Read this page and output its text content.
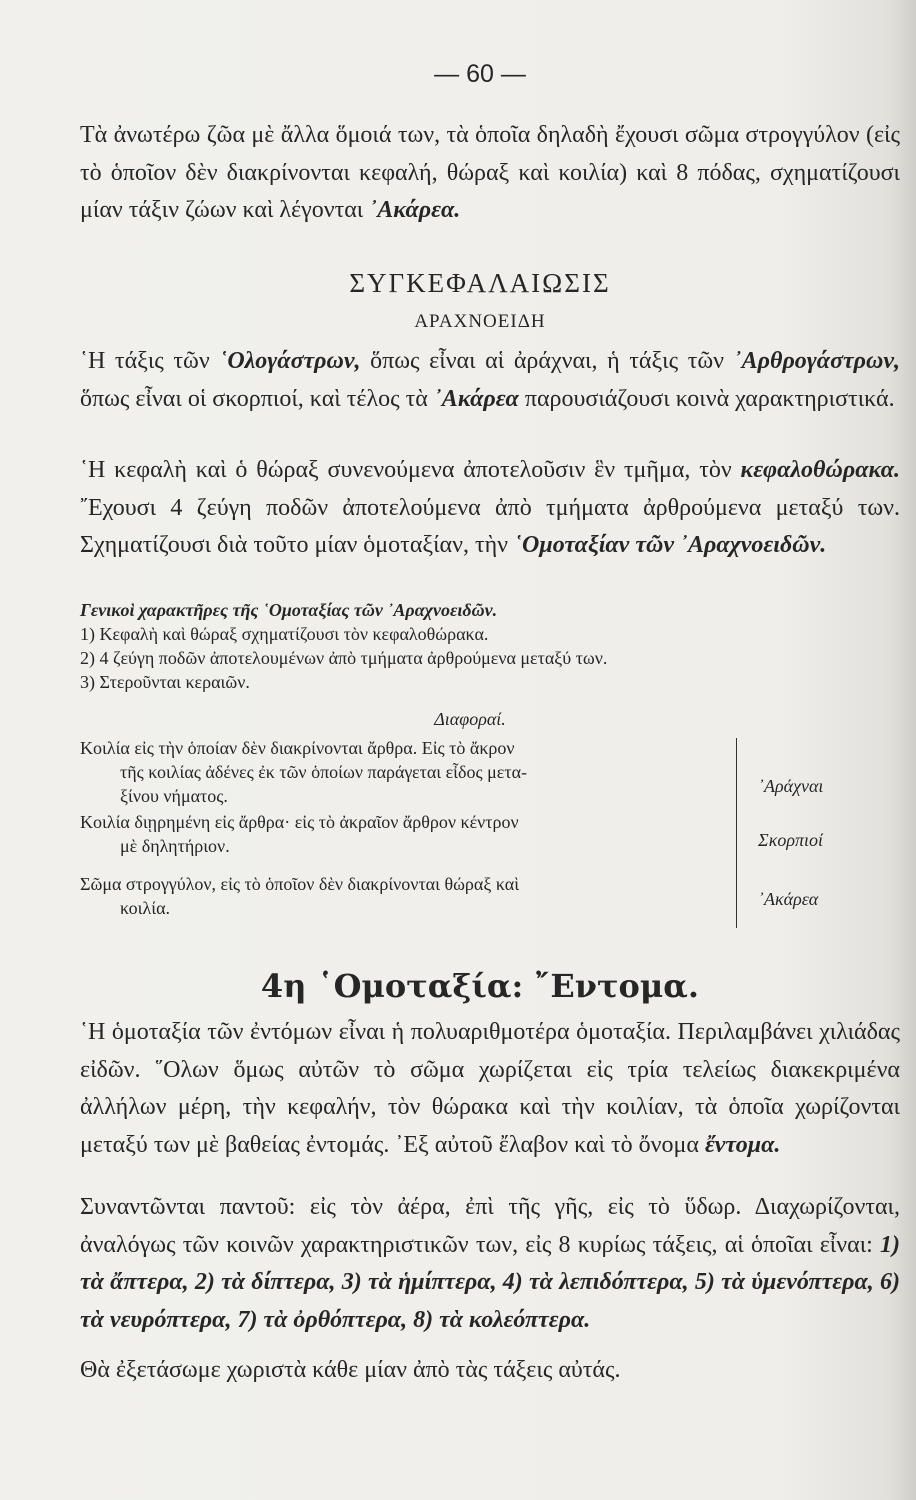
— 60 —

Τὰ ἀνωτέρω ζῶα μὲ ἄλλα ὅμοιά των, τὰ ὁποῖα δηλαδὴ ἔχουσι σῶμα στρογγύλον (εἰς τὸ ὁποῖον δὲν διακρίνονται κεφαλή, θώραξ καὶ κοιλία) καὶ 8 πόδας, σχηματίζουσι μίαν τάξιν ζώων καὶ λέγονται ᾿Ακάρεα.

ΣΥΓΚΕΦΑΛΑΙΩΣΙΣ

ΑΡΑΧΝΟΕΙΔΗ

῾Η τάξις τῶν ῾Ολογάστρων, ὅπως εἶναι αἱ ἀράχναι, ἡ τάξις τῶν ᾿Αρθρογάστρων, ὅπως εἶναι οἱ σκορπιοί, καὶ τέλος τὰ ᾿Ακάρεα παρουσιάζουσι κοινὰ χαρακτηριστικά.

῾Η κεφαλὴ καὶ ὁ θώραξ συνενούμενα ἀποτελοῦσιν ἓν τμῆμα, τὸν κεφαλοθώρακα. ῎Εχουσι 4 ζεύγη ποδῶν ἀποτελούμενα ἀπὸ τμήματα ἀρθρούμενα μεταξύ των. Σχηματίζουσι διὰ τοῦτο μίαν ὁμοταξίαν, τὴν ῾Ομοταξίαν τῶν ᾿Αραχνοειδῶν.

Γενικοὶ χαρακτῆρες τῆς ῾Ομοταξίας τῶν ᾿Αραχνοειδῶν.
1) Κεφαλὴ καὶ θώραξ σχηματίζουσι τὸν κεφαλοθώρακα.
2) 4 ζεύγη ποδῶν ἀποτελουμένων ἀπὸ τμήματα ἀρθρούμενα μεταξύ των.
3) Στεροῦνται κεραιῶν.

Διαφοραί.

Κοιλία εἰς τὴν ὁποίαν δὲν διακρίνονται ἄρθρα. Εἰς τὸ ἄκρον
τῆς κοιλίας ἀδένες ἐκ τῶν ὁποίων παράγεται εἶδος μετα-
ξίνου νήματος.

Κοιλία διῃρημένη εἰς ἄρθρα· εἰς τὸ ἀκραῖον ἄρθρον κέντρον
μὲ δηλητήριον.

Σῶμα στρογγύλον, εἰς τὸ ὁποῖον δὲν διακρίνονται θώραξ καὶ
κοιλία.

᾿Αράχναι

Σκορπιοί

᾿Ακάρεα

4η ῾Ομοταξία: ῎Εντομα.

῾Η ὁμοταξία τῶν ἐντόμων εἶναι ἡ πολυαριθμοτέρα ὁμοταξία. Περιλαμβάνει χιλιάδας εἰδῶν. ῞Ολων ὅμως αὐτῶν τὸ σῶμα χωρίζεται εἰς τρία τελείως διακεκριμένα ἀλλήλων μέρη, τὴν κεφαλήν, τὸν θώρακα καὶ τὴν κοιλίαν, τὰ ὁποῖα χωρίζονται μεταξύ των μὲ βαθείας ἐντομάς. ᾿Εξ αὐτοῦ ἔλαβον καὶ τὸ ὄνομα ἔντομα.

Συναντῶνται παντοῦ: εἰς τὸν ἀέρα, ἐπὶ τῆς γῆς, εἰς τὸ ὕδωρ. Διαχωρίζονται, ἀναλόγως τῶν κοινῶν χαρακτηριστικῶν των, εἰς 8 κυρίως τάξεις, αἱ ὁποῖαι εἶναι: 1) τὰ ἄπτερα, 2) τὰ δίπτερα, 3) τὰ ἡμίπτερα, 4) τὰ λεπιδόπτερα, 5) τὰ ὑμενόπτερα, 6) τὰ νευρόπτερα, 7) τὰ ὀρθόπτερα, 8) τὰ κολεόπτερα.

Θὰ ἐξετάσωμε χωριστὰ κάθε μίαν ἀπὸ τὰς τάξεις αὐτάς.
